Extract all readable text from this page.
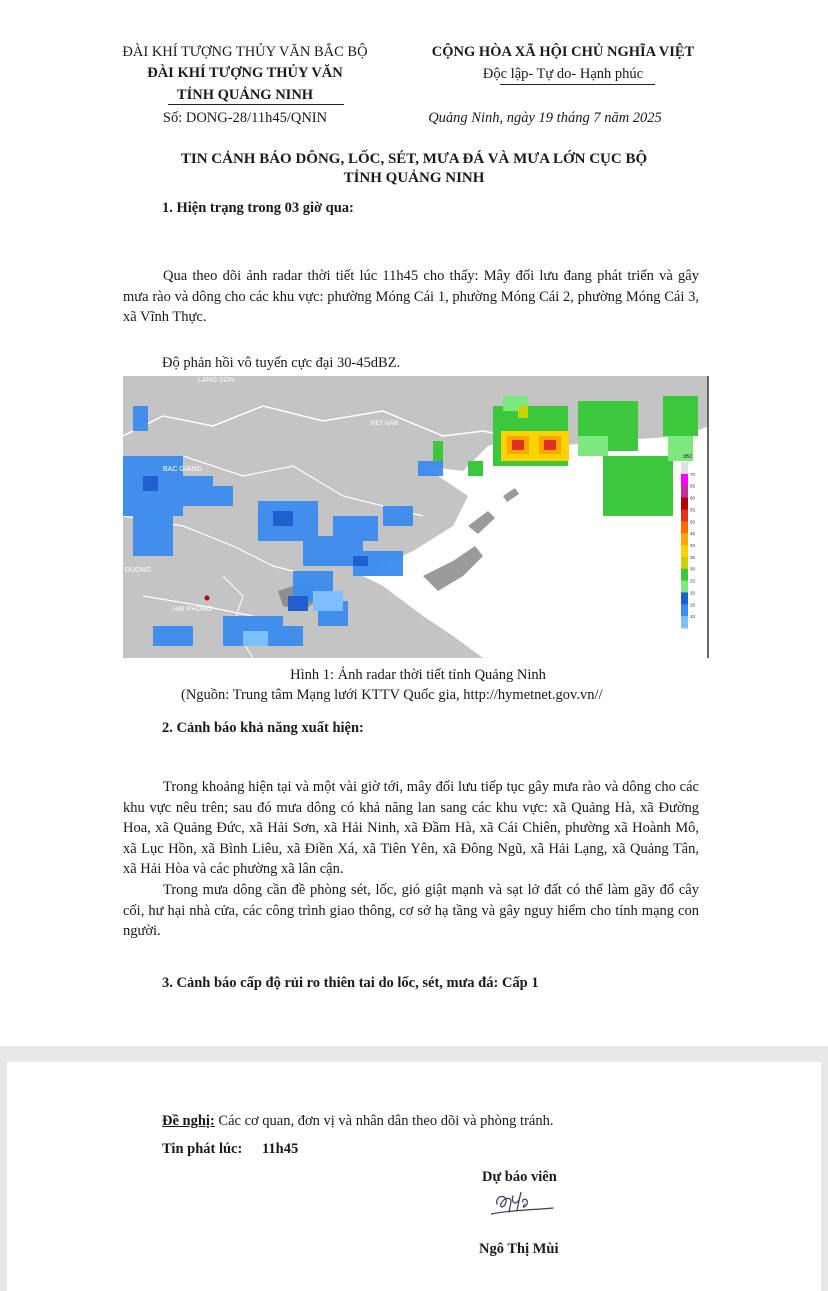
ĐÀI KHÍ TƯỢNG THỦY VĂN BẮC BỘ
ĐÀI KHÍ TƯỢNG THỦY VĂN
TỈNH QUẢNG NINH
Số: DONG-28/11h45/QNIN
CỘNG HÒA XÃ HỘI CHỦ NGHĨA VIỆT
Độc lập- Tự do- Hạnh phúc
Quảng Ninh, ngày 19 tháng 7 năm 2025
TIN CẢNH BÁO DÔNG, LỐC, SÉT, MƯA ĐÁ VÀ MƯA LỚN CỤC BỘ
TỈNH QUẢNG NINH
1. Hiện trạng trong 03 giờ qua:
Qua theo dõi ảnh radar thời tiết lúc 11h45 cho thấy: Mây đối lưu đang phát triển và gây mưa rào và dông cho các khu vực: phường Móng Cái 1, phường Móng Cái 2, phường Móng Cái 3, xã Vĩnh Thực.
Độ phản hồi vô tuyến cực đại 30-45dBZ.
LANG SON
VIET NAM
BAC GIANG
DUONG
HAI PHONG
dBZ
70
65
60
55
50
45
40
35
30
25
20
15
10
Hình 1: Ảnh radar thời tiết tỉnh Quảng Ninh
(Nguồn: Trung tâm Mạng lưới KTTV Quốc gia, http://hymetnet.gov.vn//
2. Cảnh báo khả năng xuất hiện:
Trong khoảng hiện tại và một vài giờ tới, mây đối lưu tiếp tục gây mưa rào và dông cho các khu vực nêu trên; sau đó mưa dông có khả năng lan sang các khu vực: xã Quảng Hà, xã Đường Hoa, xã Quảng Đức, xã Hải Sơn, xã Hải Ninh, xã Đầm Hà, xã Cái Chiên, phường xã Hoành Mô, xã Lục Hồn, xã Bình Liêu, xã Điền Xá, xã Tiên Yên, xã Đông Ngũ, xã Hải Lạng, xã Quảng Tân, xã Hải Hòa và các phường xã lân cận.
Trong mưa dông cần đề phòng sét, lốc, gió giật mạnh và sạt lở đất có thể làm gãy đổ cây cối, hư hại nhà cửa, các công trình giao thông, cơ sở hạ tầng và gây nguy hiểm cho tính mạng con người.
3. Cảnh báo cấp độ rủi ro thiên tai do lốc, sét, mưa đá: Cấp 1
Đề nghị: Các cơ quan, đơn vị và nhân dân theo dõi và phòng tránh.
Tin phát lúc: 11h45
Dự báo viên
Ngô Thị Mùi
